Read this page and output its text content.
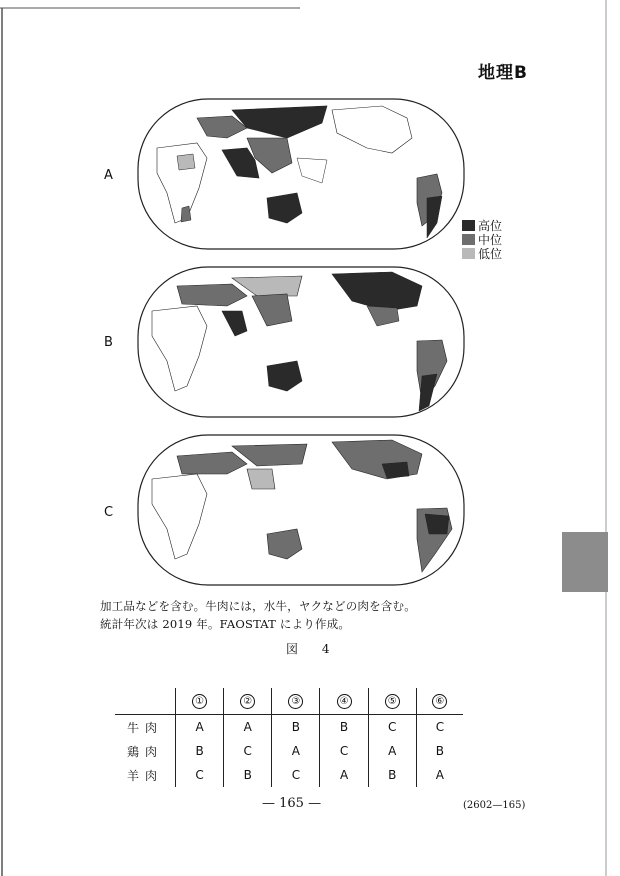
地理B
A
高位
中位
低位
B
C
加工品などを含む。牛肉には，水牛，ヤクなどの肉を含む。
統計年次は 2019 年。FAOSTAT により作成。
図 4
	①	②	③	④	⑤	⑥
牛肉	A	A	B	B	C	C
鶏肉	B	C	A	C	A	B
羊肉	C	B	C	A	B	A
— 165 —	(2602—165)
